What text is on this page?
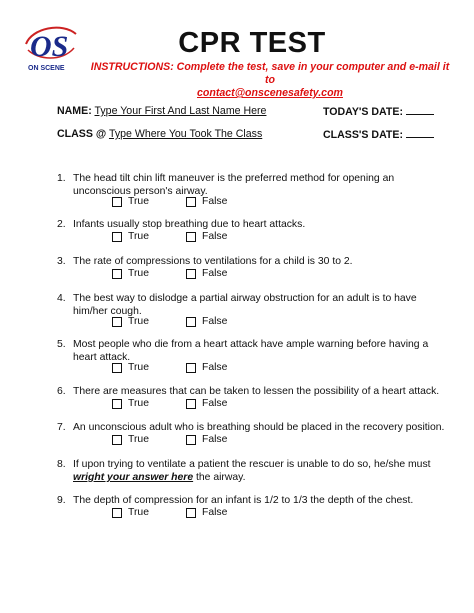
OS
ON SCENE
CPR TEST
INSTRUCTIONS: Complete the test, save in your computer and e-mail it to
contact@onscenesafety.com
NAME: Type Your First And Last Name Here	TODAY'S DATE:
CLASS @ Type Where You Took The Class	CLASS'S DATE:
1. The head tilt chin lift maneuver is the preferred method for opening an unconscious person's airway.
True	False
2. Infants usually stop breathing due to heart attacks.
True	False
3. The rate of compressions to ventilations for a child is 30 to 2.
True	False
4. The best way to dislodge a partial airway obstruction for an adult is to have him/her cough.
True	False
5. Most people who die from a heart attack have ample warning before having a heart attack.
True	False
6. There are measures that can be taken to lessen the possibility of a heart attack.
True	False
7. An unconscious adult who is breathing should be placed in the recovery position.
True	False
8. If upon trying to ventilate a patient the rescuer is unable to do so, he/she must
wright your answer here the airway.
9. The depth of compression for an infant is 1/2 to 1/3 the depth of the chest.
True	False
